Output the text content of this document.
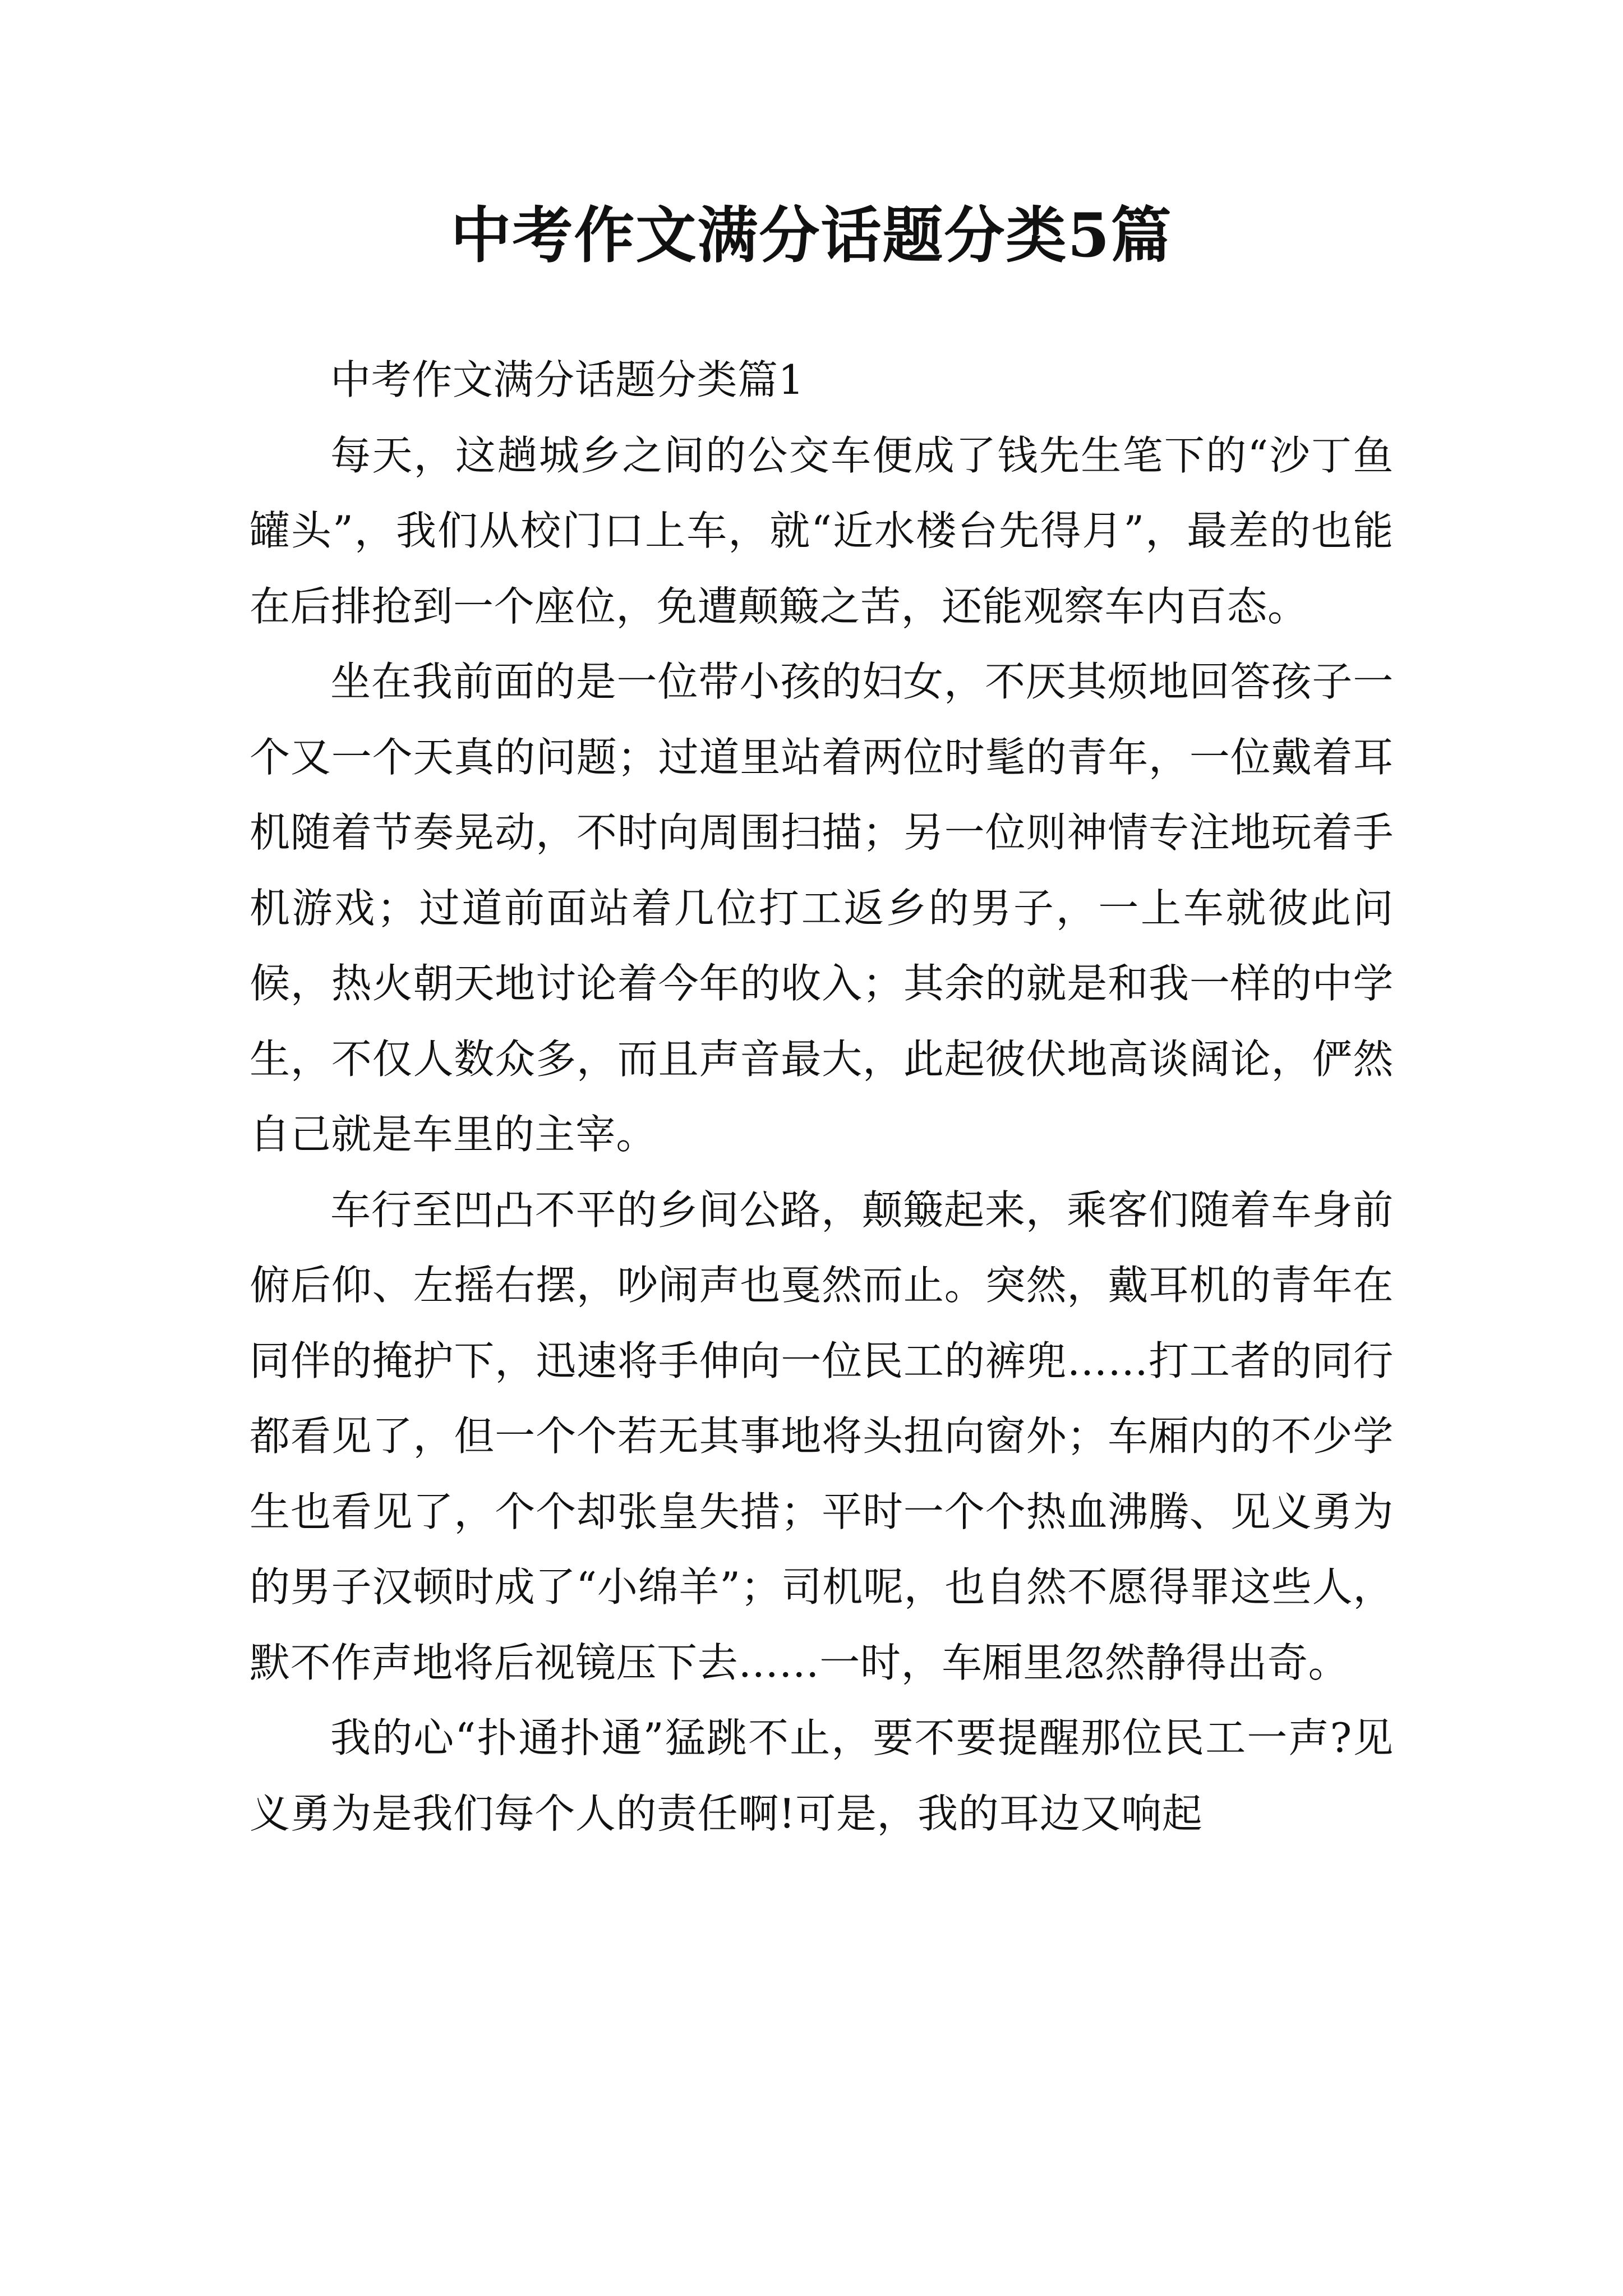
中考作文满分话题分类5篇

中考作文满分话题分类篇1

每天，这趟城乡之间的公交车便成了钱先生笔下的“沙丁鱼罐头”，我们从校门口上车，就“近水楼台先得月”，最差的也能在后排抢到一个座位，免遭颠簸之苦，还能观察车内百态。

坐在我前面的是一位带小孩的妇女，不厌其烦地回答孩子一个又一个天真的问题；过道里站着两位时髦的青年，一位戴着耳机随着节奏晃动，不时向周围扫描；另一位则神情专注地玩着手机游戏；过道前面站着几位打工返乡的男子，一上车就彼此问候，热火朝天地讨论着今年的收入；其余的就是和我一样的中学生，不仅人数众多，而且声音最大，此起彼伏地高谈阔论，俨然自己就是车里的主宰。

车行至凹凸不平的乡间公路，颠簸起来，乘客们随着车身前俯后仰、左摇右摆，吵闹声也戛然而止。突然，戴耳机的青年在同伴的掩护下，迅速将手伸向一位民工的裤兜……打工者的同行都看见了，但一个个若无其事地将头扭向窗外；车厢内的不少学生也看见了，个个却张皇失措；平时一个个热血沸腾、见义勇为的男子汉顿时成了“小绵羊”；司机呢，也自然不愿得罪这些人，默不作声地将后视镜压下去……一时，车厢里忽然静得出奇。

我的心“扑通扑通”猛跳不止，要不要提醒那位民工一声?见义勇为是我们每个人的责任啊!可是，我的耳边又响起
